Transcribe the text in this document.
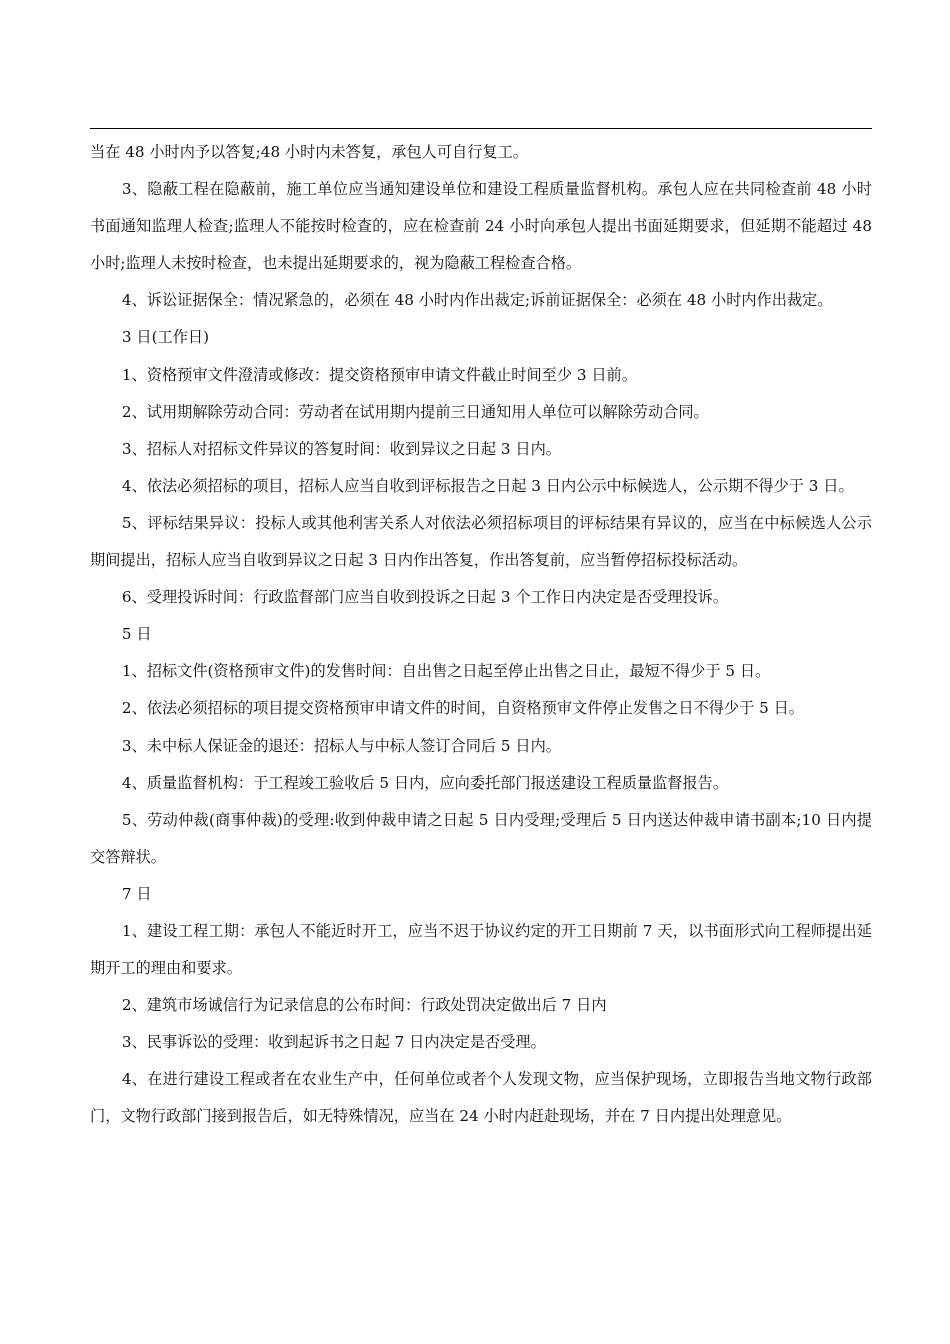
当在 48 小时内予以答复;48 小时内未答复，承包人可自行复工。

3、隐蔽工程在隐蔽前，施工单位应当通知建设单位和建设工程质量监督机构。承包人应在共同检查前 48 小时书面通知监理人检查;监理人不能按时检查的，应在检查前 24 小时向承包人提出书面延期要求，但延期不能超过 48 小时;监理人未按时检查，也未提出延期要求的，视为隐蔽工程检查合格。

4、诉讼证据保全：情况紧急的，必须在 48 小时内作出裁定;诉前证据保全：必须在 48 小时内作出裁定。

3 日(工作日)

1、资格预审文件澄清或修改：提交资格预审申请文件截止时间至少 3 日前。

2、试用期解除劳动合同：劳动者在试用期内提前三日通知用人单位可以解除劳动合同。

3、招标人对招标文件异议的答复时间：收到异议之日起 3 日内。

4、依法必须招标的项目，招标人应当自收到评标报告之日起 3 日内公示中标候选人，公示期不得少于 3 日。

5、评标结果异议：投标人或其他利害关系人对依法必须招标项目的评标结果有异议的，应当在中标候选人公示期间提出，招标人应当自收到异议之日起 3 日内作出答复，作出答复前，应当暂停招标投标活动。

6、受理投诉时间：行政监督部门应当自收到投诉之日起 3 个工作日内决定是否受理投诉。

5 日

1、招标文件(资格预审文件)的发售时间：自出售之日起至停止出售之日止，最短不得少于 5 日。

2、依法必须招标的项目提交资格预审申请文件的时间，自资格预审文件停止发售之日不得少于 5 日。

3、未中标人保证金的退还：招标人与中标人签订合同后 5 日内。

4、质量监督机构：于工程竣工验收后 5 日内，应向委托部门报送建设工程质量监督报告。

5、劳动仲裁(商事仲裁)的受理:收到仲裁申请之日起 5 日内受理;受理后 5 日内送达仲裁申请书副本;10 日内提交答辩状。

7 日

1、建设工程工期：承包人不能近时开工，应当不迟于协议约定的开工日期前 7 天，以书面形式向工程师提出延期开工的理由和要求。

2、建筑市场诚信行为记录信息的公布时间：行政处罚决定做出后 7 日内

3、民事诉讼的受理：收到起诉书之日起 7 日内决定是否受理。

4、在进行建设工程或者在农业生产中，任何单位或者个人发现文物，应当保护现场，立即报告当地文物行政部门，文物行政部门接到报告后，如无特殊情况，应当在 24 小时内赶赴现场，并在 7 日内提出处理意见。
